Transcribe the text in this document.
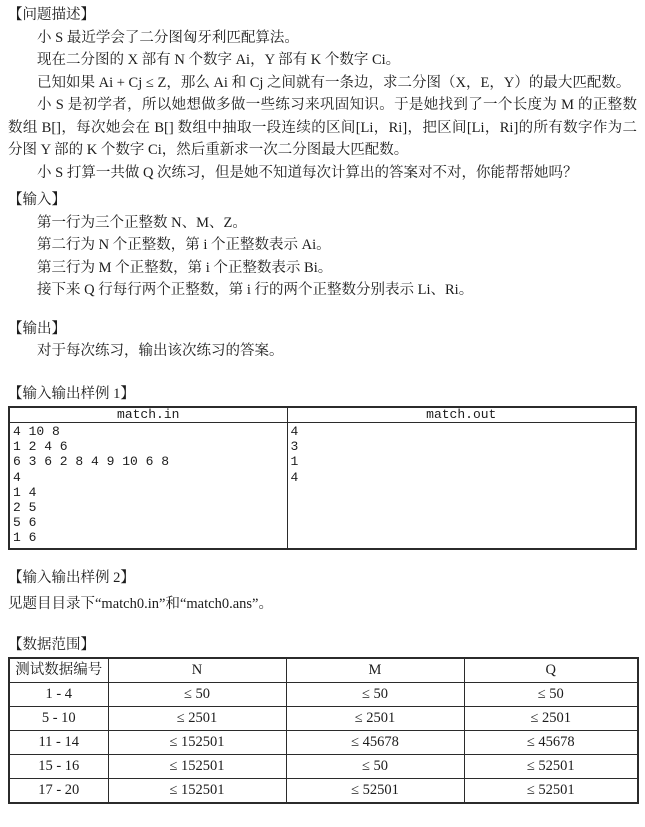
【问题描述】

小 S 最近学会了二分图匈牙利匹配算法。

现在二分图的 X 部有 N 个数字 Ai，Y 部有 K 个数字 Ci。

已知如果 Ai + Cj ≤ Z，那么 Ai 和 Cj 之间就有一条边，求二分图（X，E，Y）的最大匹配数。

小 S 是初学者，所以她想做多做一些练习来巩固知识。于是她找到了一个长度为 M 的正整数数组 B[]，每次她会在 B[] 数组中抽取一段连续的区间[Li，Ri]，把区间[Li，Ri]的所有数字作为二分图 Y 部的 K 个数字 Ci，然后重新求一次二分图最大匹配数。

小 S 打算一共做 Q 次练习，但是她不知道每次计算出的答案对不对，你能帮帮她吗？

【输入】

第一行为三个正整数 N、M、Z。

第二行为 N 个正整数，第 i 个正整数表示 Ai。

第三行为 M 个正整数，第 i 个正整数表示 Bi。

接下来 Q 行每行两个正整数，第 i 行的两个正整数分别表示 Li、Ri。

【输出】

对于每次练习，输出该次练习的答案。

【输入输出样例 1】
match.in	match.out

4 10 8
1 2 4 6
6 3 6 2 8 4 9 10 6 8
4
1 4
2 5
5 6
1 6

4
3
1
4
【输入输出样例 2】

见题目目录下“match0.in”和“match0.ans”。

【数据范围】
测试数据编号	N	M	Q
1 - 4	≤ 50	≤ 50	≤ 50
5 - 10	≤ 2501	≤ 2501	≤ 2501
11 - 14	≤ 152501	≤ 45678	≤ 45678
15 - 16	≤ 152501	≤ 50	≤ 52501
17 - 20	≤ 152501	≤ 52501	≤ 52501
